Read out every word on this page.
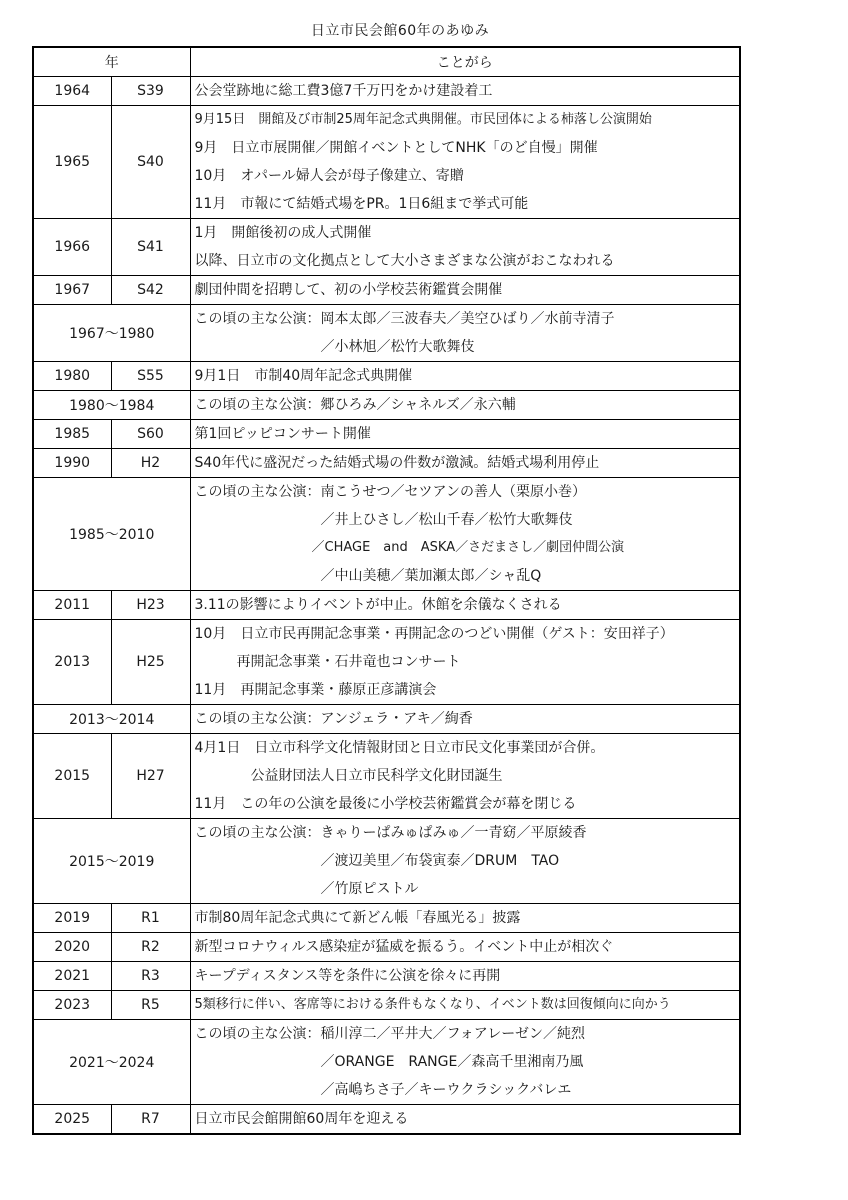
日立市民会館60年のあゆみ
年		ことがら
1964	S39	公会堂跡地に総工費3億7千万円をかけ建設着工

1965	S40	9月15日　開館及び市制25周年記念式典開催。市民団体による柿落し公演開始
9月　日立市展開催／開館イベントとしてNHK「のど自慢」開催
10月　オパール婦人会が母子像建立、寄贈
11月　市報にて結婚式場をPR。1日6組まで挙式可能

1966	S41	1月　開館後初の成人式開催
以降、日立市の文化拠点として大小さまざまな公演がおこなわれる

1967	S42	劇団仲間を招聘して、初の小学校芸術鑑賞会開催

1967～1980		この頃の主な公演：岡本太郎／三波春夫／美空ひばり／水前寺清子
　　　　　　　　　／小林旭／松竹大歌舞伎

1980	S55	9月1日　市制40周年記念式典開催

1980～1984		この頃の主な公演：郷ひろみ／シャネルズ／永六輔

1985	S60	第1回ピッピコンサート開催

1990	H2	S40年代に盛況だった結婚式場の件数が激減。結婚式場利用停止

1985～2010		この頃の主な公演：南こうせつ／セツアンの善人（栗原小巻）
　　　　　　　　　／井上ひさし／松山千春／松竹大歌舞伎
　　　　　　　　　／CHAGE　and　ASKA／さだまさし／劇団仲間公演
　　　　　　　　　／中山美穂／葉加瀬太郎／シャ乱Q

2011	H23	3.11の影響によりイベントが中止。休館を余儀なくされる

2013	H25	10月　日立市民再開記念事業・再開記念のつどい開催（ゲスト：安田祥子）
　　　再開記念事業・石井竜也コンサート
11月　再開記念事業・藤原正彦講演会

2013～2014		この頃の主な公演：アンジェラ・アキ／絢香

2015	H27	4月1日　日立市科学文化情報財団と日立市民文化事業団が合併。
　　　　公益財団法人日立市民科学文化財団誕生
11月　この年の公演を最後に小学校芸術鑑賞会が幕を閉じる

2015～2019		この頃の主な公演：きゃりーぱみゅぱみゅ／一青窈／平原綾香
　　　　　　　　　／渡辺美里／布袋寅泰／DRUM　TAO
　　　　　　　　　／竹原ピストル

2019	R1	市制80周年記念式典にて新どん帳「春風光る」披露

2020	R2	新型コロナウィルス感染症が猛威を振るう。イベント中止が相次ぐ

2021	R3	キープディスタンス等を条件に公演を徐々に再開

2023	R5	5類移行に伴い、客席等における条件もなくなり、イベント数は回復傾向に向かう

2021～2024		この頃の主な公演：稲川淳二／平井大／フォアレーゼン／純烈
　　　　　　　　　／ORANGE　RANGE／森高千里湘南乃風
　　　　　　　　　／高嶋ちさ子／キーウクラシックバレエ

2025	R7	日立市民会館開館60周年を迎える
